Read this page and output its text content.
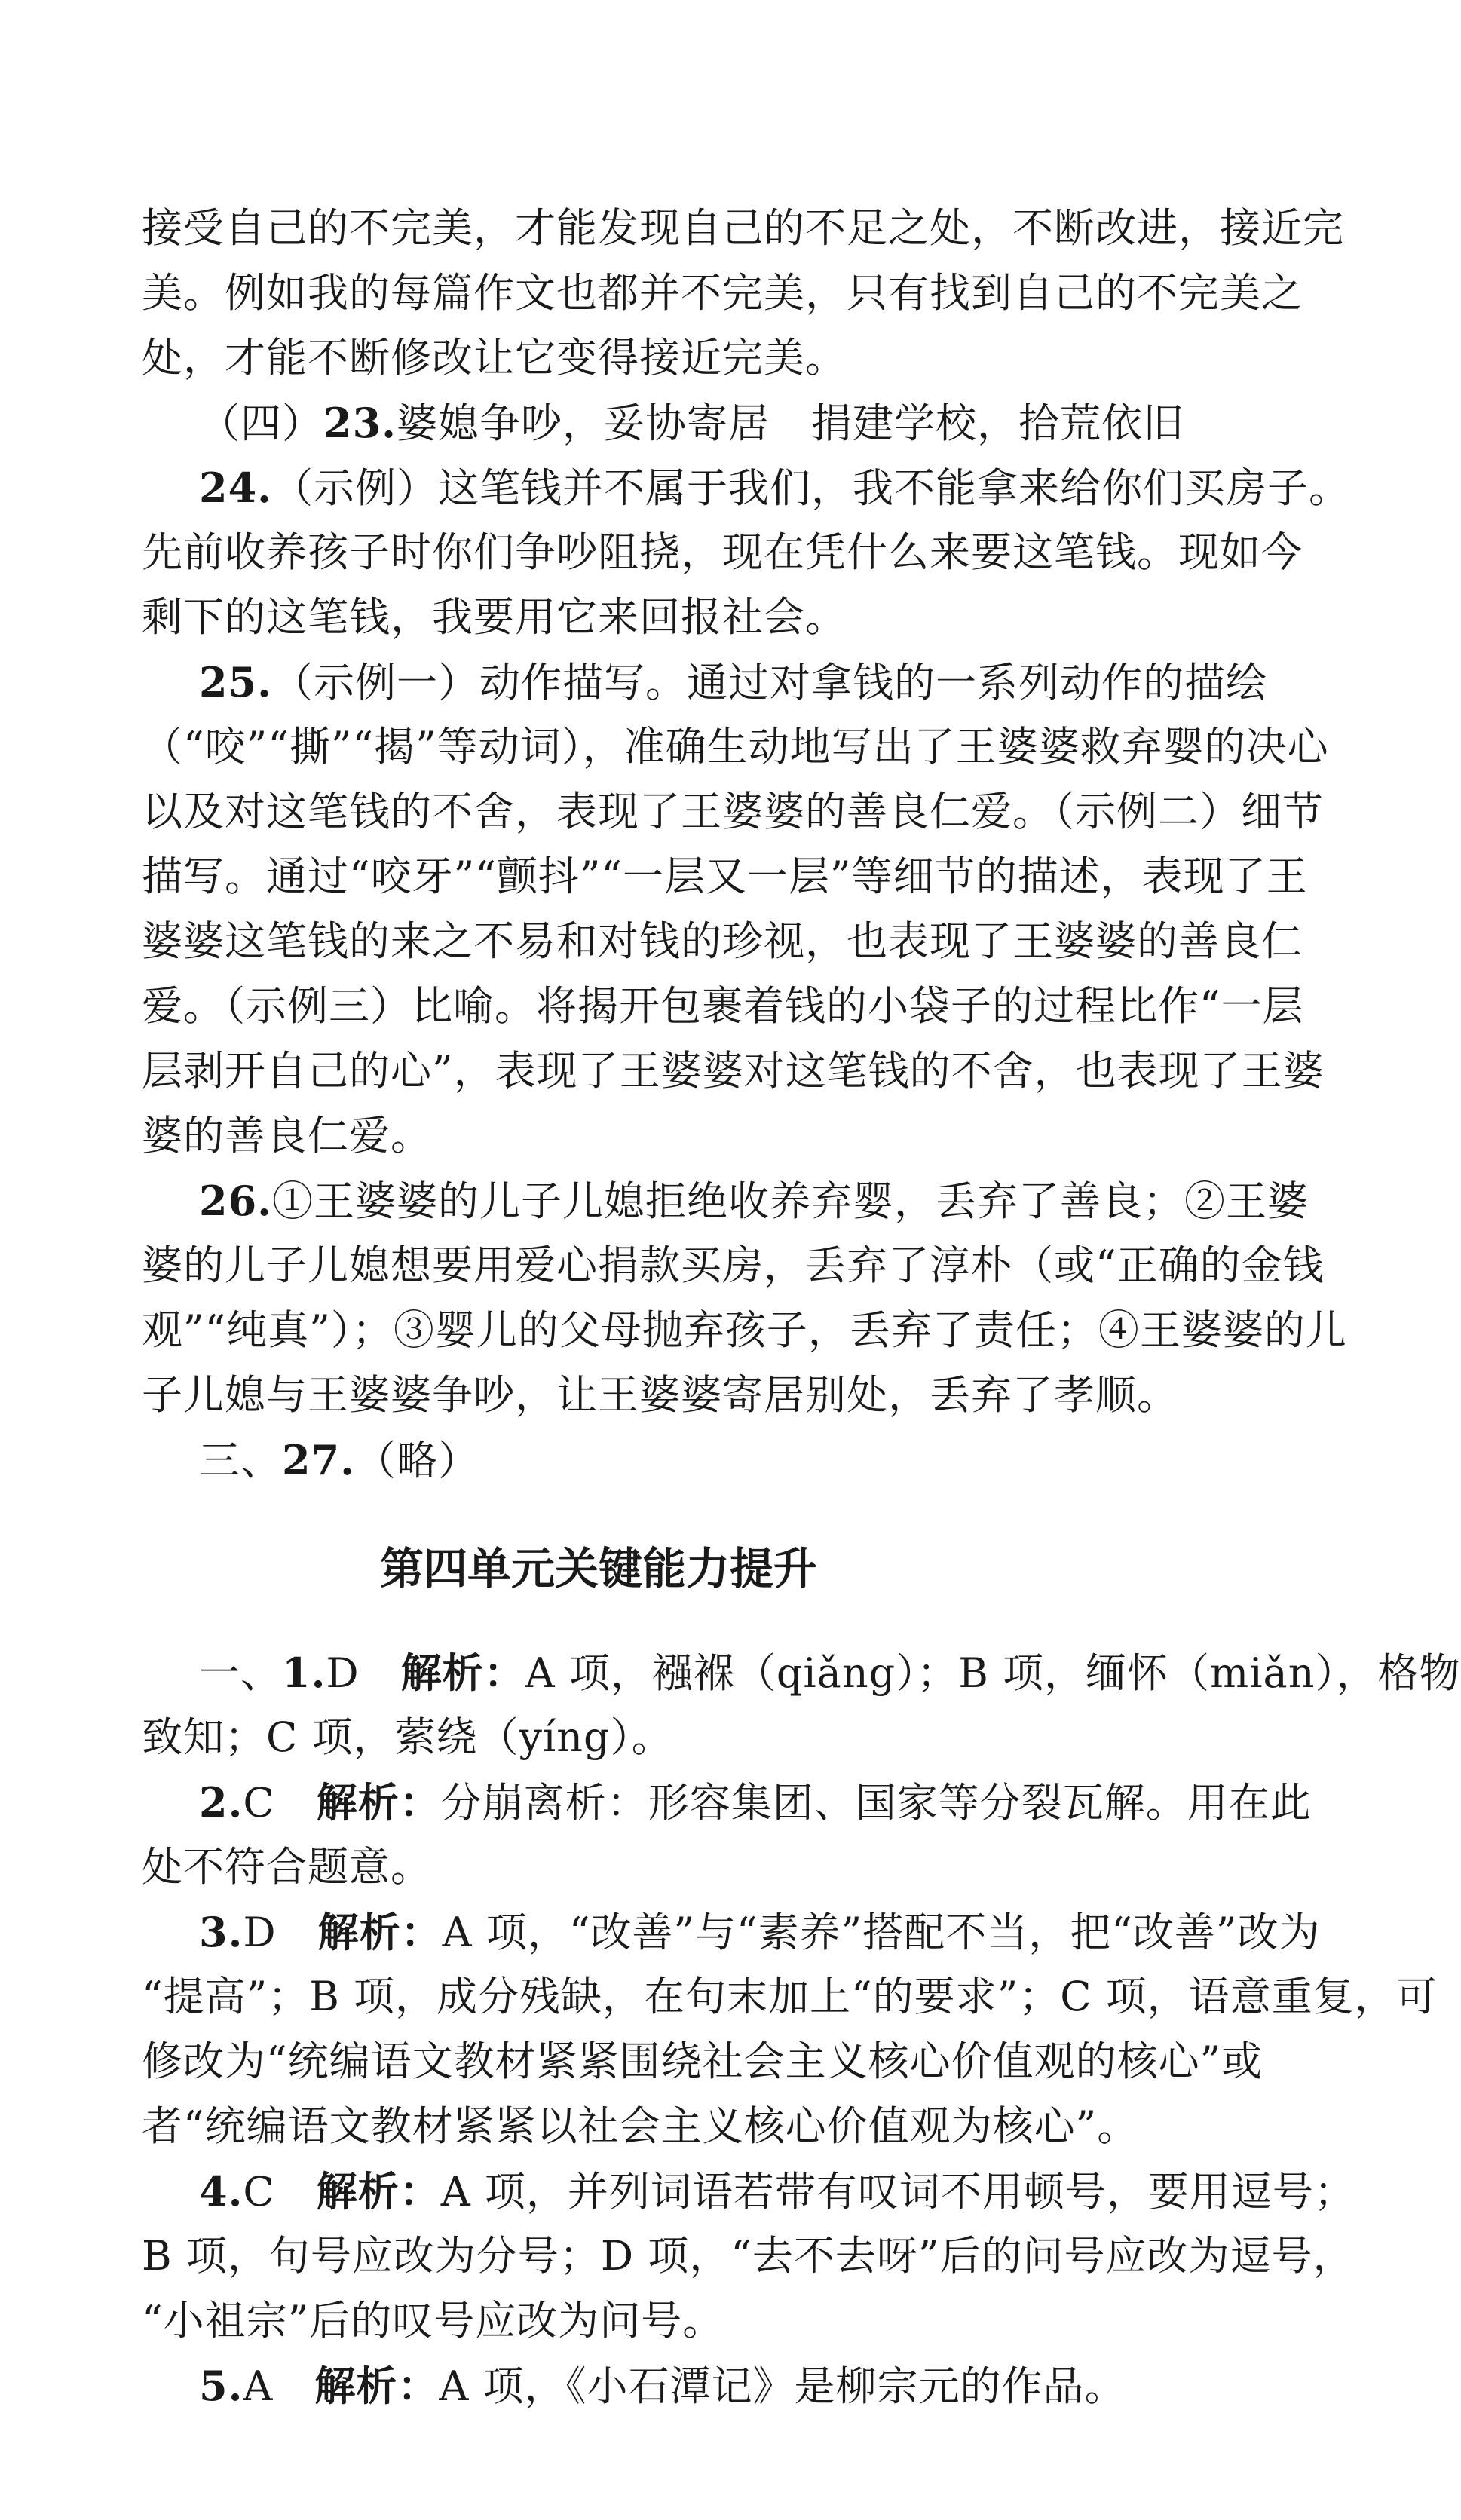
接受自己的不完美，才能发现自己的不足之处，不断改进，接近完
美。例如我的每篇作文也都并不完美，只有找到自己的不完美之
处，才能不断修改让它变得接近完美。
（四）23.婆媳争吵，妥协寄居　捐建学校，拾荒依旧
24.（示例）这笔钱并不属于我们，我不能拿来给你们买房子。
先前收养孩子时你们争吵阻挠，现在凭什么来要这笔钱。现如今
剩下的这笔钱，我要用它来回报社会。
25.（示例一）动作描写。通过对拿钱的一系列动作的描绘
（“咬”“撕”“揭”等动词），准确生动地写出了王婆婆救弃婴的决心
以及对这笔钱的不舍，表现了王婆婆的善良仁爱。（示例二）细节
描写。通过“咬牙”“颤抖”“一层又一层”等细节的描述，表现了王
婆婆这笔钱的来之不易和对钱的珍视，也表现了王婆婆的善良仁
爱。（示例三）比喻。将揭开包裹着钱的小袋子的过程比作“一层
层剥开自己的心”，表现了王婆婆对这笔钱的不舍，也表现了王婆
婆的善良仁爱。
26.①王婆婆的儿子儿媳拒绝收养弃婴，丢弃了善良；②王婆
婆的儿子儿媳想要用爱心捐款买房，丢弃了淳朴（或“正确的金钱
观”“纯真”）；③婴儿的父母抛弃孩子，丢弃了责任；④王婆婆的儿
子儿媳与王婆婆争吵，让王婆婆寄居别处，丢弃了孝顺。
三、27.（略）
第四单元关键能力提升
一、1.D　 解析：A 项，襁褓（qiǎng）；B 项，缅怀（miǎn），格物
致知；C 项，萦绕（yíng）。
2.C　 解析：分崩离析：形容集团、国家等分裂瓦解。用在此
处不符合题意。
3.D　 解析：A 项，“改善”与“素养”搭配不当，把“改善”改为
“提高”；B 项，成分残缺，在句末加上“的要求”；C 项，语意重复，可
修改为“统编语文教材紧紧围绕社会主义核心价值观的核心”或
者“统编语文教材紧紧以社会主义核心价值观为核心”。
4.C　 解析：A 项，并列词语若带有叹词不用顿号，要用逗号；
B 项，句号应改为分号；D 项，“去不去呀”后的问号应改为逗号，
“小祖宗”后的叹号应改为问号。
5.A　 解析：A 项，《小石潭记》是柳宗元的作品。
